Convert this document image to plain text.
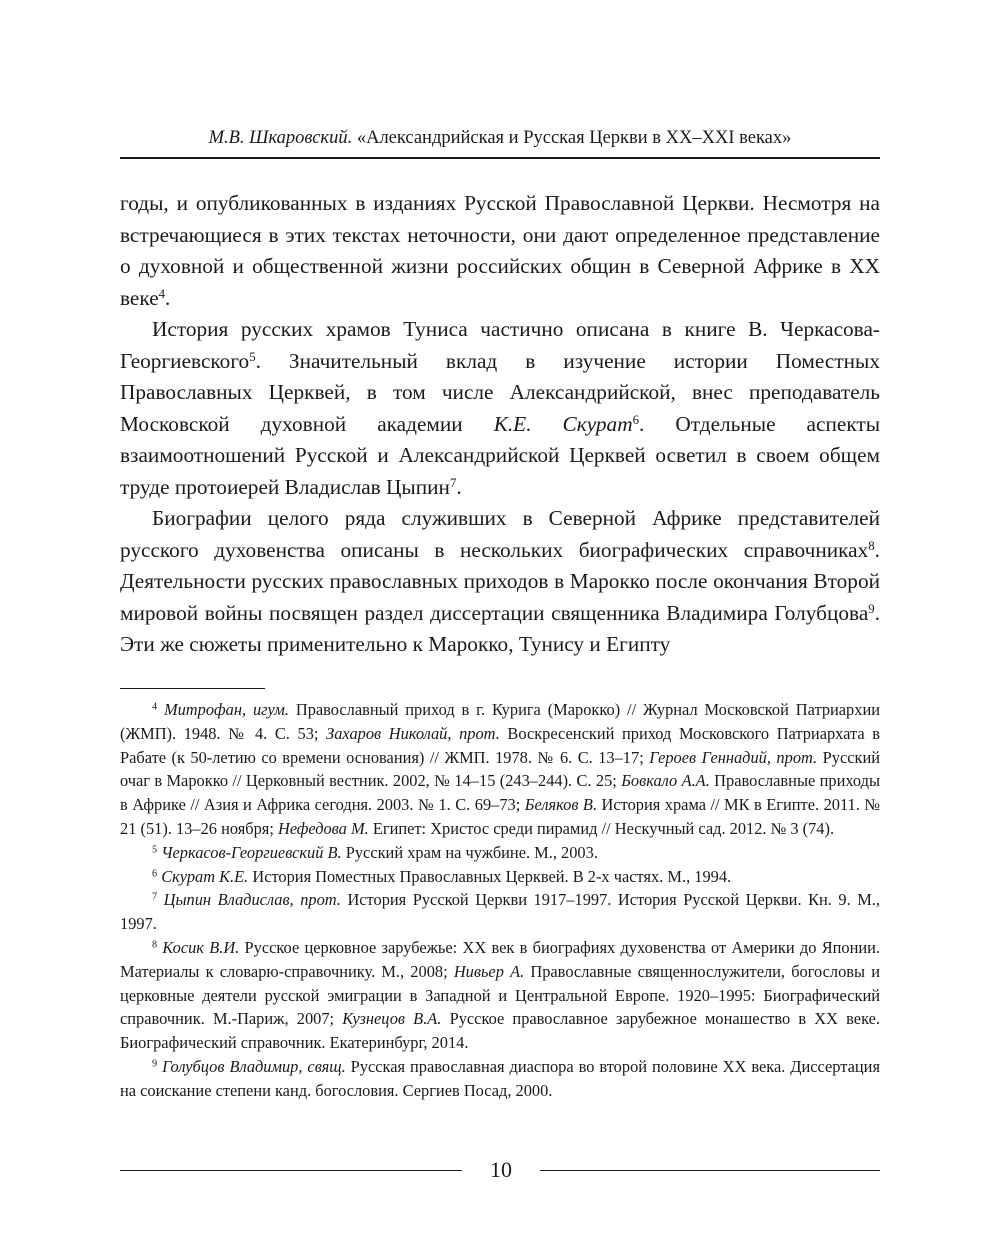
М.В. Шкаровский. «Александрийская и Русская Церкви в XX–XXI веках»

годы, и опубликованных в изданиях Русской Православной Церкви. Несмотря на встречающиеся в этих текстах неточности, они дают определенное представление о духовной и общественной жизни российских общин в Северной Африке в XX веке$^4$.

История русских храмов Туниса частично описана в книге В. Черкасова-Георгиевского$^5$. Значительный вклад в изучение истории Поместных Православных Церквей, в том числе Александрийской, внес преподаватель Московской духовной академии К.Е. Скурат$^6$. Отдельные аспекты взаимоотношений Русской и Александрийской Церквей осветил в своем общем труде протоиерей Владислав Цыпин$^7$.

Биографии целого ряда служивших в Северной Африке представителей русского духовенства описаны в нескольких биографических справочниках$^8$. Деятельности русских православных приходов в Марокко после окончания Второй мировой войны посвящен раздел диссертации священника Владимира Голубцова$^9$. Эти же сюжеты применительно к Марокко, Тунису и Египту

$^4$ Митрофан, игум. Православный приход в г. Курига (Марокко) // Журнал Московской Патриархии (ЖМП). 1948. № 4. С. 53; Захаров Николай, прот. Воскресенский приход Московского Патриархата в Рабате (к 50-летию со времени основания) // ЖМП. 1978. № 6. С. 13–17; Героев Геннадий, прот. Русский очаг в Марокко // Церковный вестник. 2002, № 14–15 (243–244). С. 25; Бовкало А.А. Православные приходы в Африке // Азия и Африка сегодня. 2003. № 1. С. 69–73; Беляков В. История храма // МК в Египте. 2011. № 21 (51). 13–26 ноября; Нефедова М. Египет: Христос среди пирамид // Нескучный сад. 2012. № 3 (74).

$^5$ Черкасов-Георгиевский В. Русский храм на чужбине. М., 2003.

$^6$ Скурат К.Е. История Поместных Православных Церквей. В 2-х частях. М., 1994.

$^7$ Цыпин Владислав, прот. История Русской Церкви 1917–1997. История Русской Церкви. Кн. 9. М., 1997.

$^8$ Косик В.И. Русское церковное зарубежье: XX век в биографиях духовенства от Америки до Японии. Материалы к словарю-справочнику. М., 2008; Нивьер А. Православные священнослужители, богословы и церковные деятели русской эмиграции в Западной и Центральной Европе. 1920–1995: Биографический справочник. М.-Париж, 2007; Кузнецов В.А. Русское православное зарубежное монашество в XX веке. Биографический справочник. Екатеринбург, 2014.

$^9$ Голубцов Владимир, свящ. Русская православная диаспора во второй половине XX века. Диссертация на соискание степени канд. богословия. Сергиев Посад, 2000.

10
